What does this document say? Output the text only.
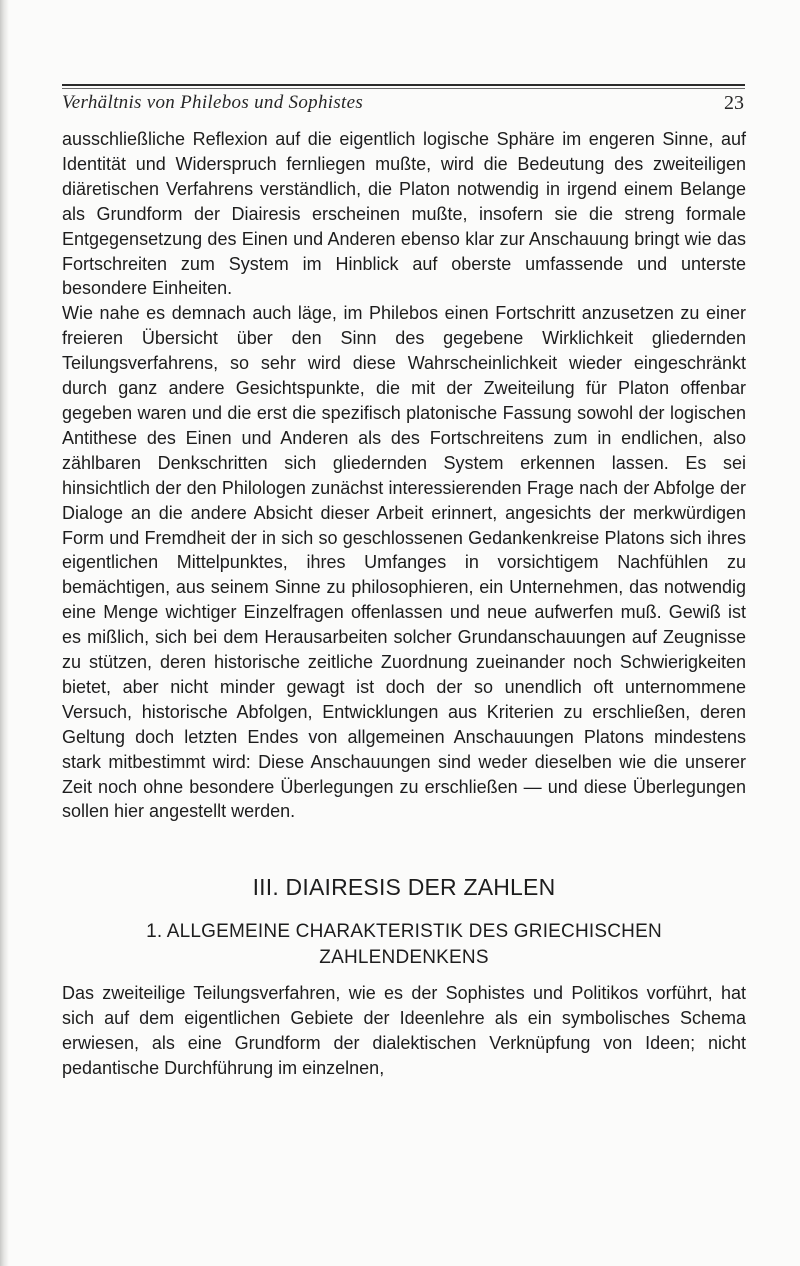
Verhältnis von Philebos und Sophistes	23

ausschließliche Reflexion auf die eigentlich logische Sphäre im engeren Sinne, auf Identität und Widerspruch fernliegen mußte, wird die Bedeutung des zweiteiligen diäretischen Verfahrens verständlich, die Platon notwendig in irgend einem Belange als Grundform der Diairesis erscheinen mußte, insofern sie die streng formale Entgegensetzung des Einen und Anderen ebenso klar zur Anschauung bringt wie das Fortschreiten zum System im Hinblick auf oberste umfassende und unterste besondere Einheiten.

Wie nahe es demnach auch läge, im Philebos einen Fortschritt anzusetzen zu einer freieren Übersicht über den Sinn des gegebene Wirklichkeit gliedernden Teilungsverfahrens, so sehr wird diese Wahrscheinlichkeit wieder eingeschränkt durch ganz andere Gesichtspunkte, die mit der Zweiteilung für Platon offenbar gegeben waren und die erst die spezifisch platonische Fassung sowohl der logischen Antithese des Einen und Anderen als des Fortschreitens zum in endlichen, also zählbaren Denkschritten sich gliedernden System erkennen lassen. Es sei hinsichtlich der den Philologen zunächst interessierenden Frage nach der Abfolge der Dialoge an die andere Absicht dieser Arbeit erinnert, angesichts der merkwürdigen Form und Fremdheit der in sich so geschlossenen Gedankenkreise Platons sich ihres eigentlichen Mittelpunktes, ihres Umfanges in vorsichtigem Nachfühlen zu bemächtigen, aus seinem Sinne zu philosophieren, ein Unternehmen, das notwendig eine Menge wichtiger Einzelfragen offenlassen und neue aufwerfen muß. Gewiß ist es mißlich, sich bei dem Herausarbeiten solcher Grundanschauungen auf Zeugnisse zu stützen, deren historische zeitliche Zuordnung zueinander noch Schwierigkeiten bietet, aber nicht minder gewagt ist doch der so unendlich oft unternommene Versuch, historische Abfolgen, Entwicklungen aus Kriterien zu erschließen, deren Geltung doch letzten Endes von allgemeinen Anschauungen Platons mindestens stark mitbestimmt wird: Diese Anschauungen sind weder dieselben wie die unserer Zeit noch ohne besondere Überlegungen zu erschließen — und diese Überlegungen sollen hier angestellt werden.

III. DIAIRESIS DER ZAHLEN
1. ALLGEMEINE CHARAKTERISTIK DES GRIECHISCHEN ZAHLENDENKENS

Das zweiteilige Teilungsverfahren, wie es der Sophistes und Politikos vorführt, hat sich auf dem eigentlichen Gebiete der Ideenlehre als ein symbolisches Schema erwiesen, als eine Grundform der dialektischen Verknüpfung von Ideen; nicht pedantische Durchführung im einzelnen,
